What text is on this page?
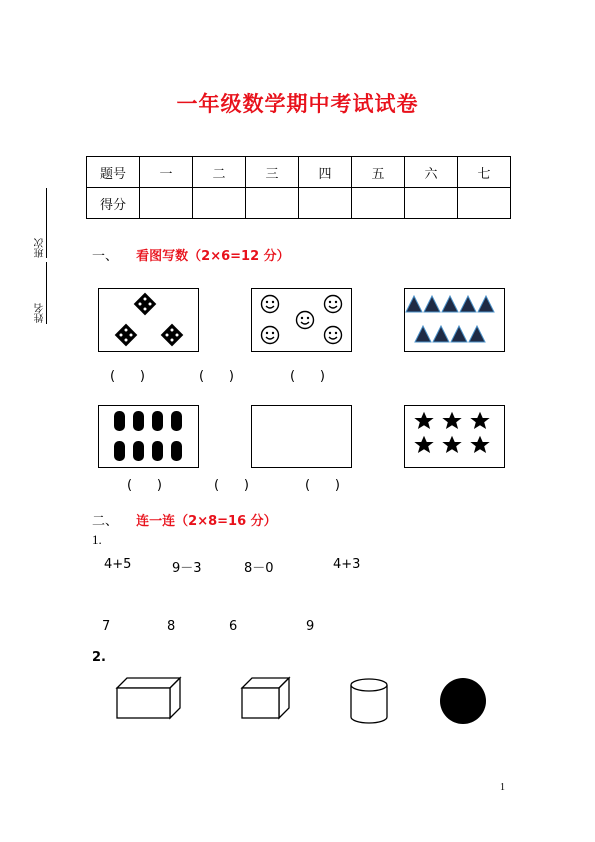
一年级数学期中考试试卷
班次
姓名
题号	一	二	三	四	五	六	七
得分							
一、 看图写数（2×6=12 分）
(      )	(      )	(      )
(      )	(      )	(      )
二、 连一连（2×8=16 分）
1.
4+5	9－3	8－0	4+3
7	8	6	9
2.
1
